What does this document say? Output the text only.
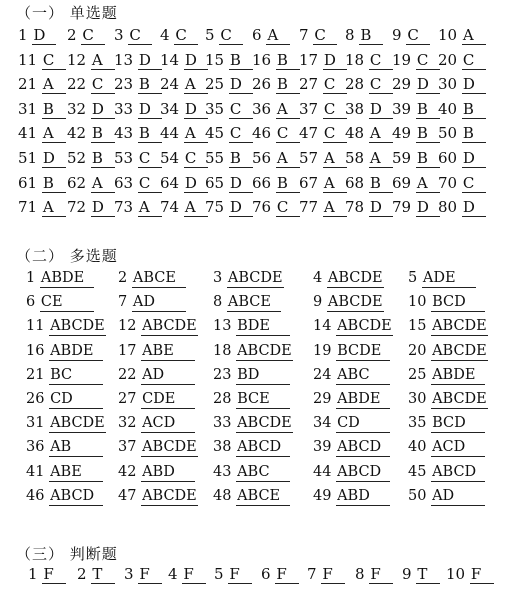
（一） 单选题
1 D	2 C	3 C	4 C	5 C	6 A	7 C	8 B	9 C	10 A
11 C 12 A 13 D 14 D 15 B 16 B 17 D 18 C 19 C 20 C
21 A 22 C 23 B 24 A 25 D 26 B 27 C 28 C 29 D 30 D
31 B 32 D 33 D 34 D 35 C 36 A 37 C 38 D 39 B 40 B
41 A 42 B 43 B 44 A 45 C 46 C 47 C 48 A 49 B 50 B
51 D 52 B 53 C 54 C 55 B 56 A 57 A 58 A 59 B 60 D
61 B 62 A 63 C 64 D 65 D 66 B 67 A 68 B 69 A 70 C
71 A 72 D 73 A 74 A 75 D 76 C 77 A 78 D 79 D 80 D
（二） 多选题
1 ABDE	2 ABCE	3 ABCDE 4 ABCDE 5 ADE
6 CE	7 AD	8 ABCE	9 ABCDE 10 BCD
11 ABCDE 12 ABCDE 13 BDE	14 ABCDE 15 ABCDE
16 ABDE	17 ABE	18 ABCDE 19 BCDE	20 ABCDE
21 BC	22 AD	23 BD	24 ABC	25 ABDE
26 CD	27 CDE	28 BCE	29 ABDE	30 ABCDE
31 ABCDE 32 ACD	33 ABCDE 34 CD	35 BCD
36 AB	37 ABCDE 38 ABCD	39 ABCD	40 ACD
41 ABE	42 ABD	43 ABC	44 ABCD	45 ABCD
46 ABCD	47 ABCDE 48 ABCE	49 ABD	50 AD
（三） 判断题
1 F	2 T	3 F	4 F	5 F	6 F	7 F	8 F	9 T	10 F
